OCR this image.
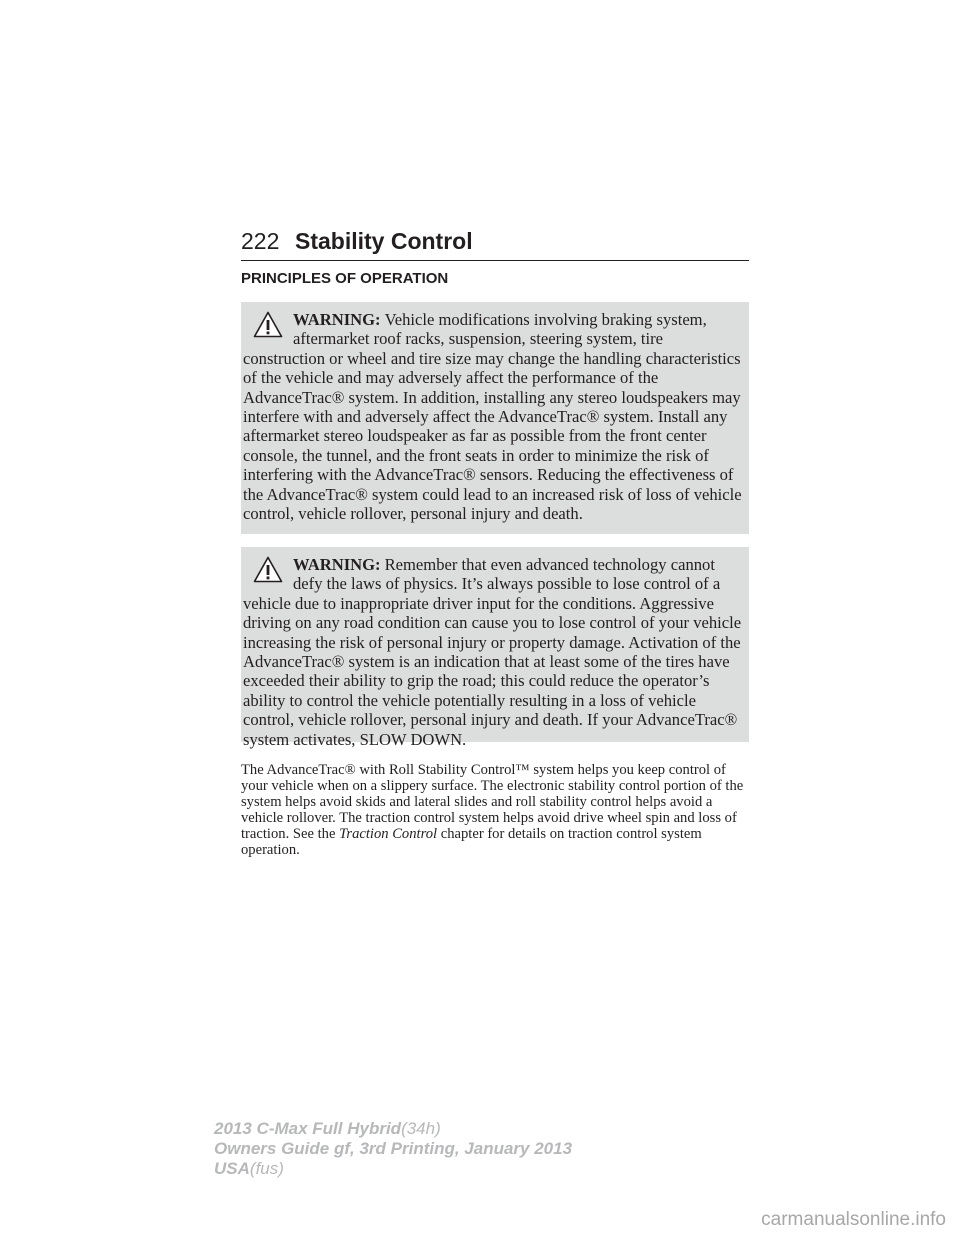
222 Stability Control
PRINCIPLES OF OPERATION
WARNING: Vehicle modifications involving braking system, aftermarket roof racks, suspension, steering system, tire construction or wheel and tire size may change the handling characteristics of the vehicle and may adversely affect the performance of the AdvanceTrac® system. In addition, installing any stereo loudspeakers may interfere with and adversely affect the AdvanceTrac® system. Install any aftermarket stereo loudspeaker as far as possible from the front center console, the tunnel, and the front seats in order to minimize the risk of interfering with the AdvanceTrac® sensors. Reducing the effectiveness of the AdvanceTrac® system could lead to an increased risk of loss of vehicle control, vehicle rollover, personal injury and death.
WARNING: Remember that even advanced technology cannot defy the laws of physics. It’s always possible to lose control of a vehicle due to inappropriate driver input for the conditions. Aggressive driving on any road condition can cause you to lose control of your vehicle increasing the risk of personal injury or property damage. Activation of the AdvanceTrac® system is an indication that at least some of the tires have exceeded their ability to grip the road; this could reduce the operator’s ability to control the vehicle potentially resulting in a loss of vehicle control, vehicle rollover, personal injury and death. If your AdvanceTrac® system activates, SLOW DOWN.

The AdvanceTrac® with Roll Stability Control™ system helps you keep control of your vehicle when on a slippery surface. The electronic stability control portion of the system helps avoid skids and lateral slides and roll stability control helps avoid a vehicle rollover. The traction control system helps avoid drive wheel spin and loss of traction. See the Traction Control chapter for details on traction control system operation.

2013 C-Max Full Hybrid(34h)
Owners Guide gf, 3rd Printing, January 2013
USA(fus)
carmanualsonline.info
